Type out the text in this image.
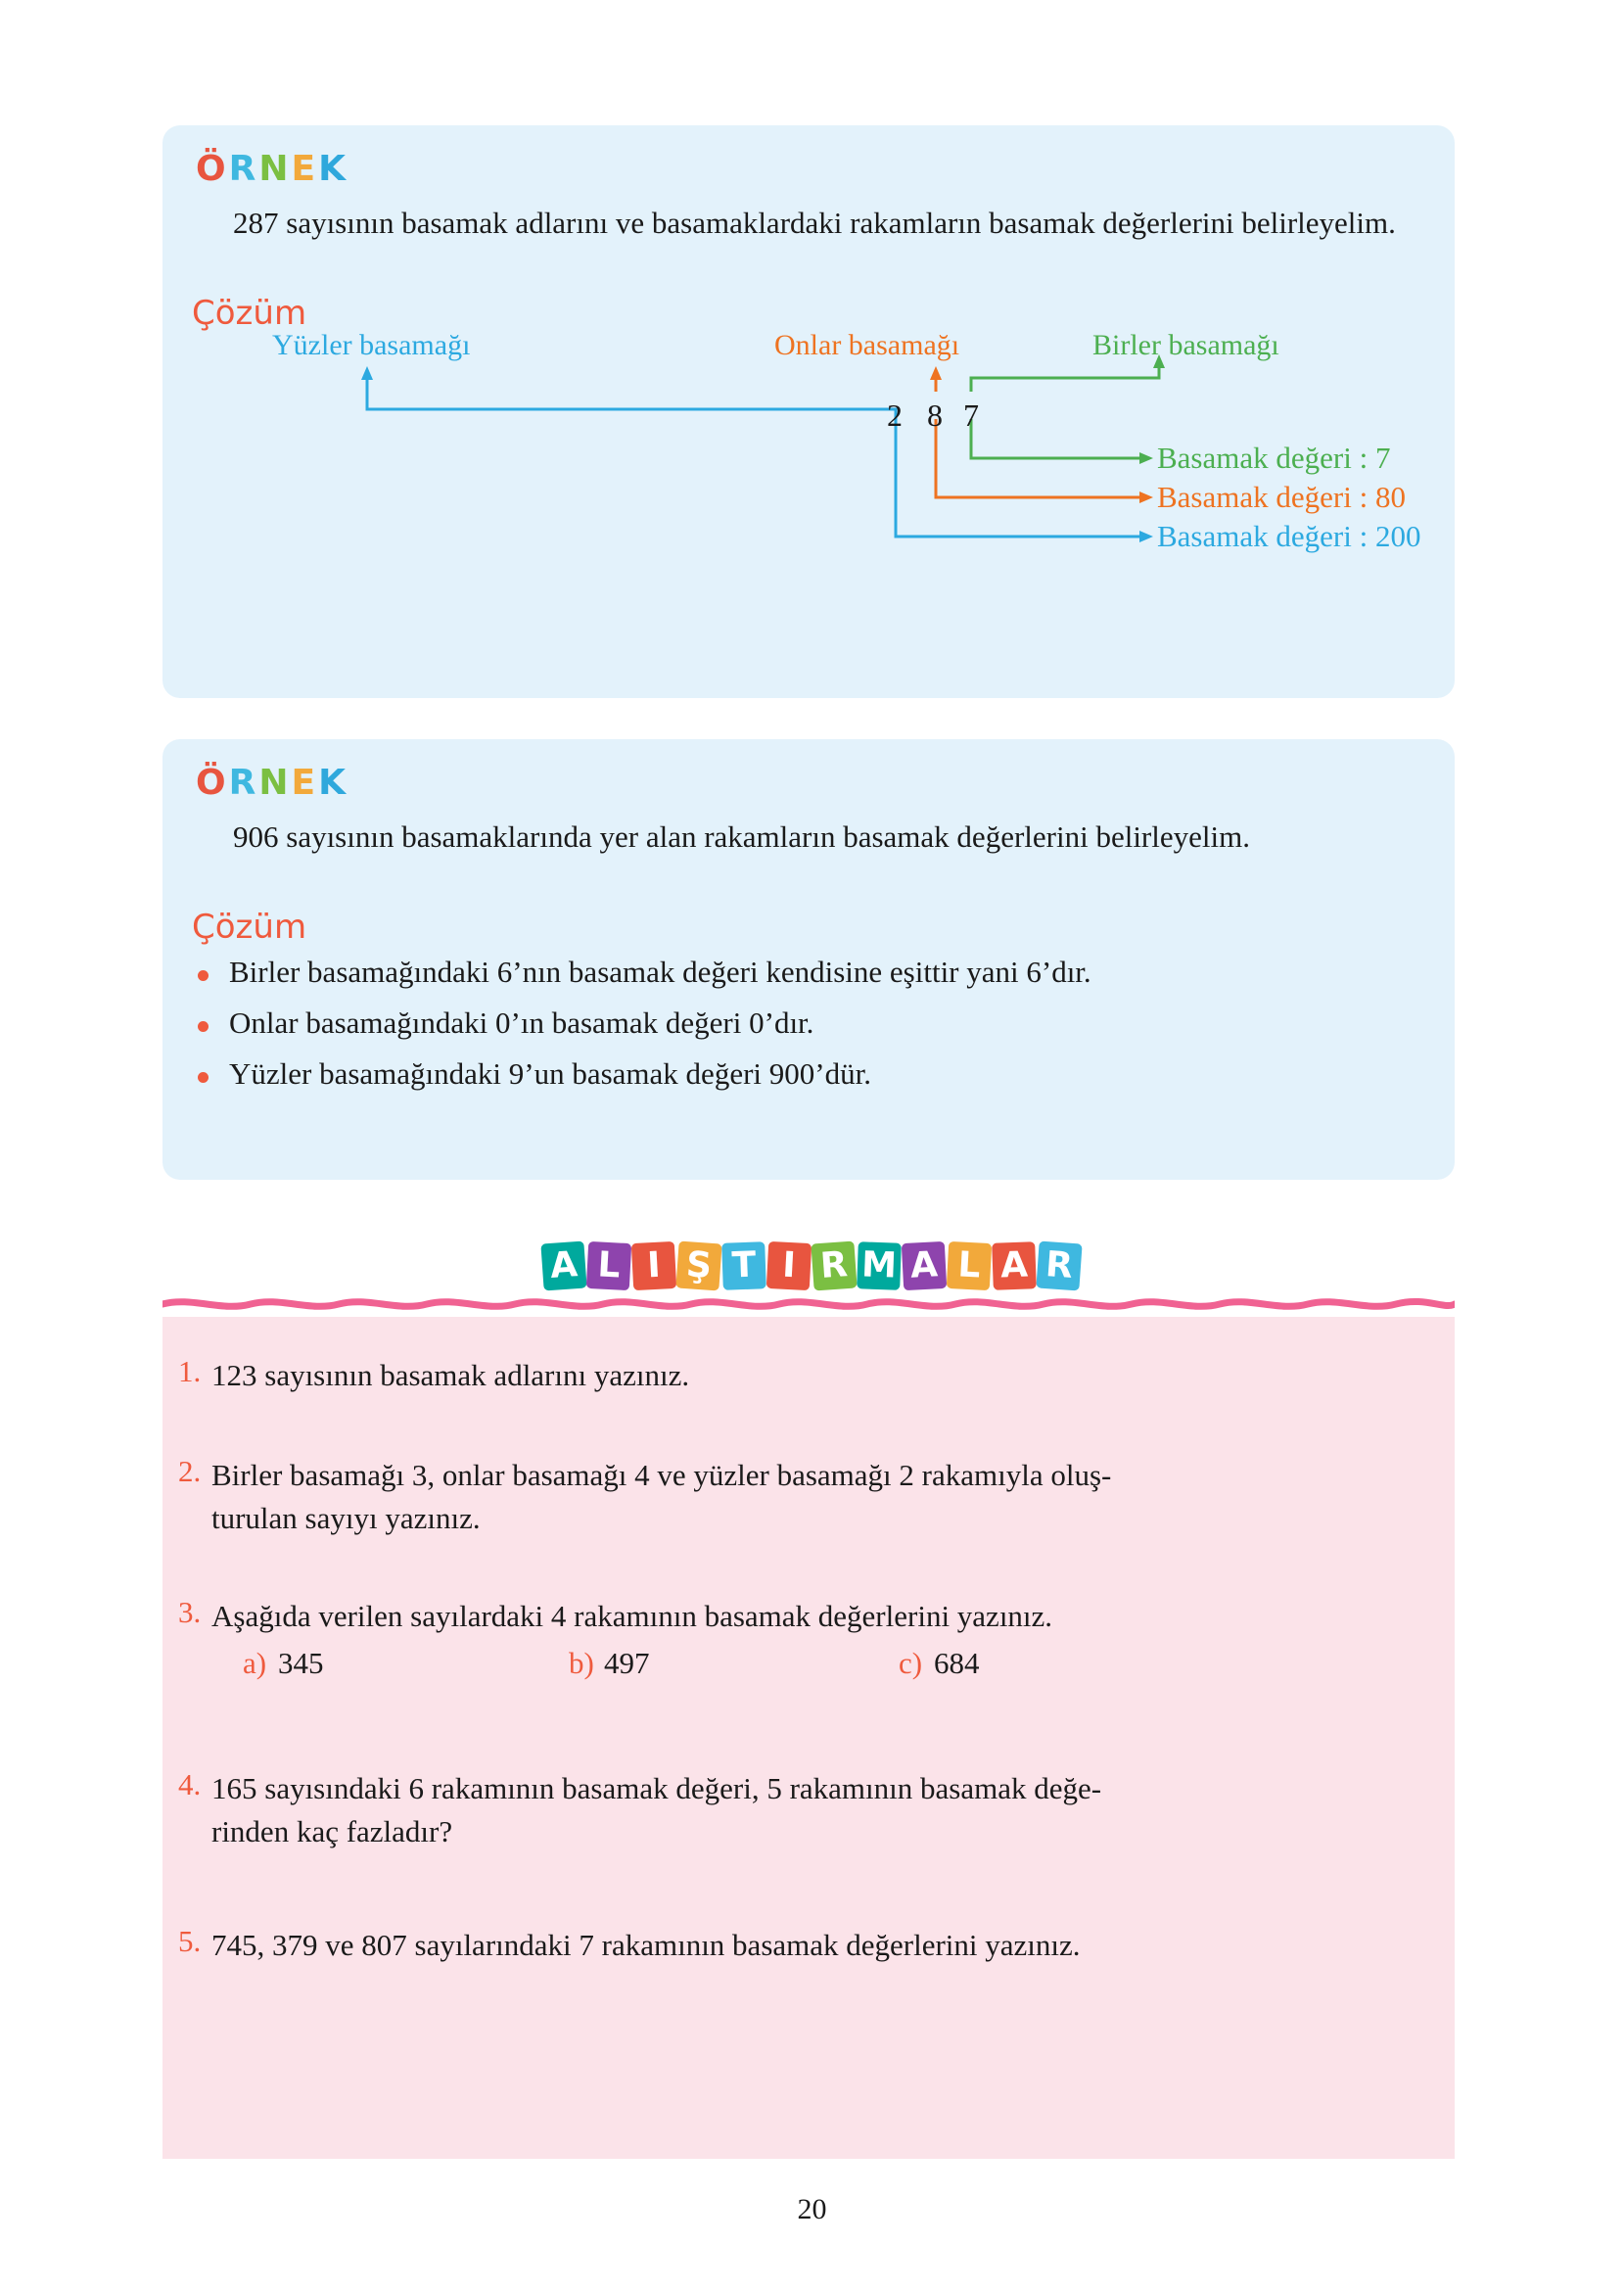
ÖRNEK
287 sayısının basamak adlarını ve basamaklardaki rakamların basamak değerlerini belirleyelim.
Çözüm
Yüzler basamağı	Onlar basamağı	Birler basamağı
2 8 7
Basamak değeri : 7
Basamak değeri : 80
Basamak değeri : 200
ÖRNEK
906 sayısının basamaklarında yer alan rakamların basamak değerlerini belirleyelim.
Çözüm
Birler basamağındaki 6’nın basamak değeri kendisine eşittir yani 6’dır.
Onlar basamağındaki 0’ın basamak değeri 0’dır.
Yüzler basamağındaki 9’un basamak değeri 900’dür.
A L I Ş T I R M A L A R
1. 123 sayısının basamak adlarını yazınız.
2. Birler basamağı 3, onlar basamağı 4 ve yüzler basamağı 2 rakamıyla oluş-
turulan sayıyı yazınız.
3. Aşağıda verilen sayılardaki 4 rakamının basamak değerlerini yazınız.
a) 345	b) 497	c) 684
4. 165 sayısındaki 6 rakamının basamak değeri, 5 rakamının basamak değe-
rinden kaç fazladır?
5. 745, 379 ve 807 sayılarındaki 7 rakamının basamak değerlerini yazınız.
20
